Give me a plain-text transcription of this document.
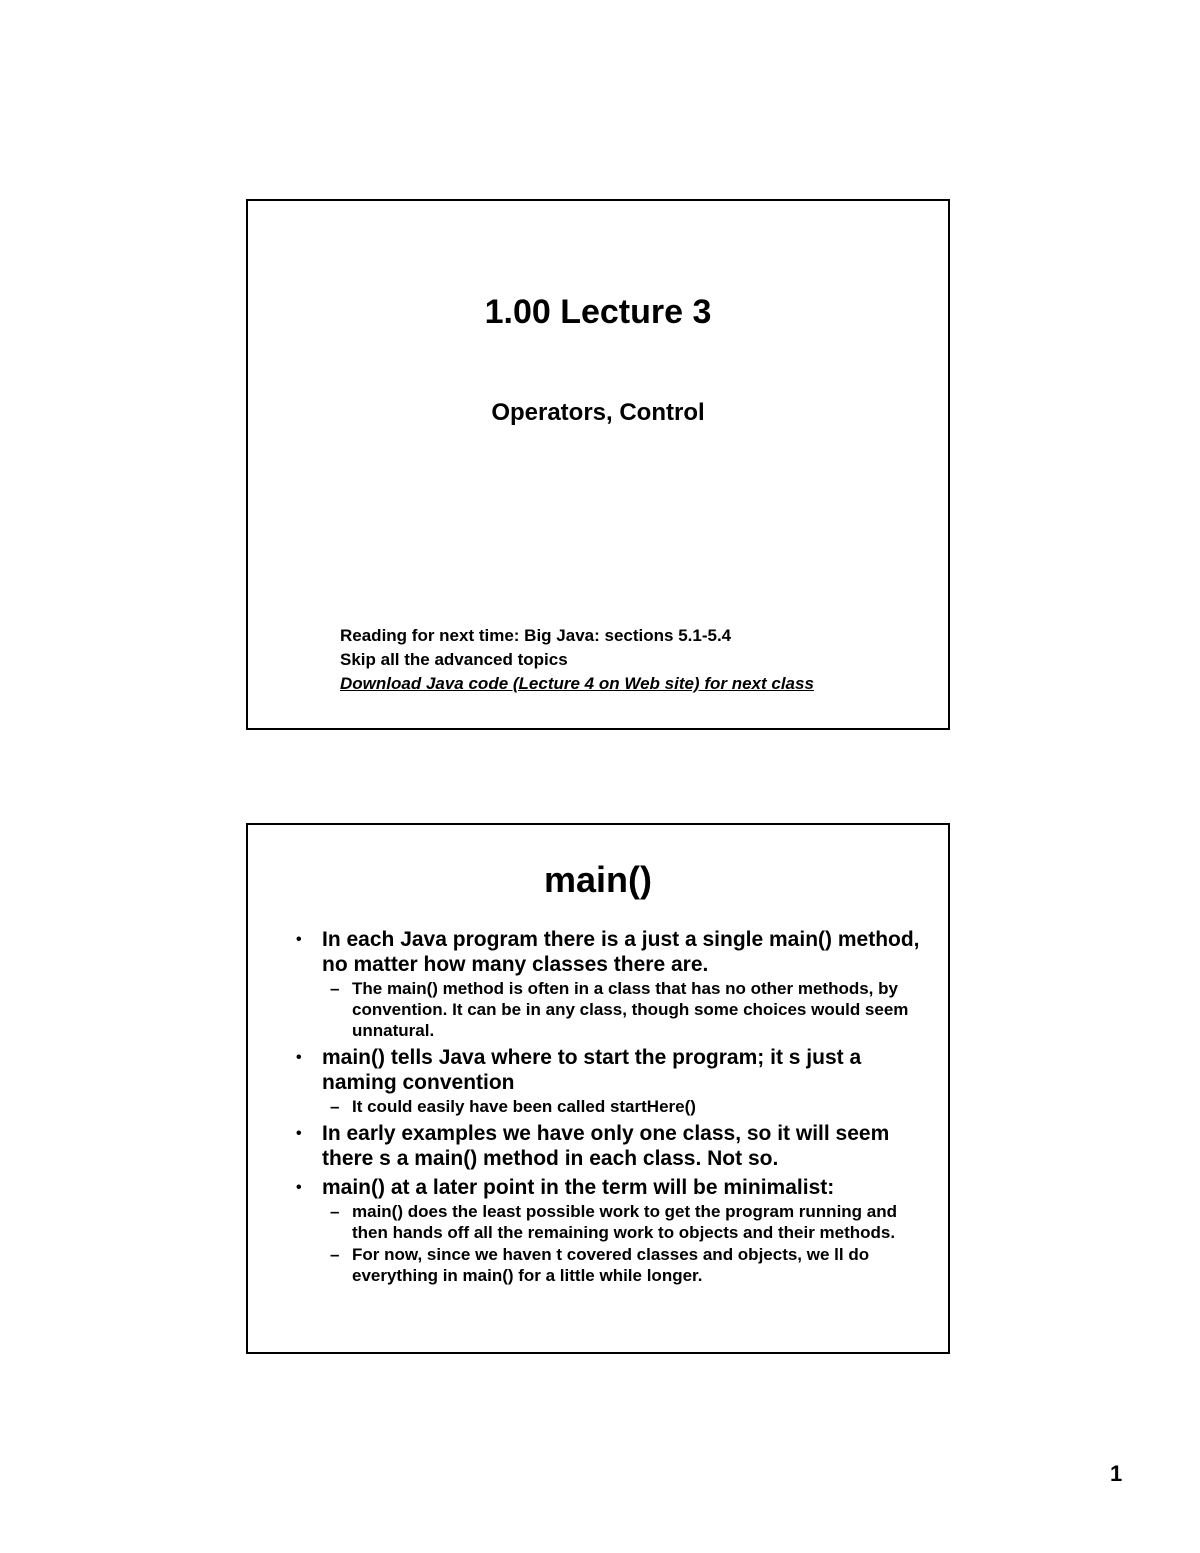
1.00 Lecture 3
Operators, Control
Reading for next time: Big Java: sections 5.1-5.4
Skip all the advanced topics
Download Java code (Lecture 4 on Web site) for next class
main()
• In each Java program there is a just a single main() method, no matter how many classes there are.
– The main() method is often in a class that has no other methods, by convention. It can be in any class, though some choices would seem unnatural.
• main() tells Java where to start the program; it s just a naming convention
– It could easily have been called startHere()
• In early examples we have only one class, so it will seem there s a main() method in each class. Not so.
• main() at a later point in the term will be minimalist:
– main() does the least possible work to get the program running and then hands off all the remaining work to objects and their methods.
– For now, since we haven t covered classes and objects, we ll do everything in main() for a little while longer.
1
